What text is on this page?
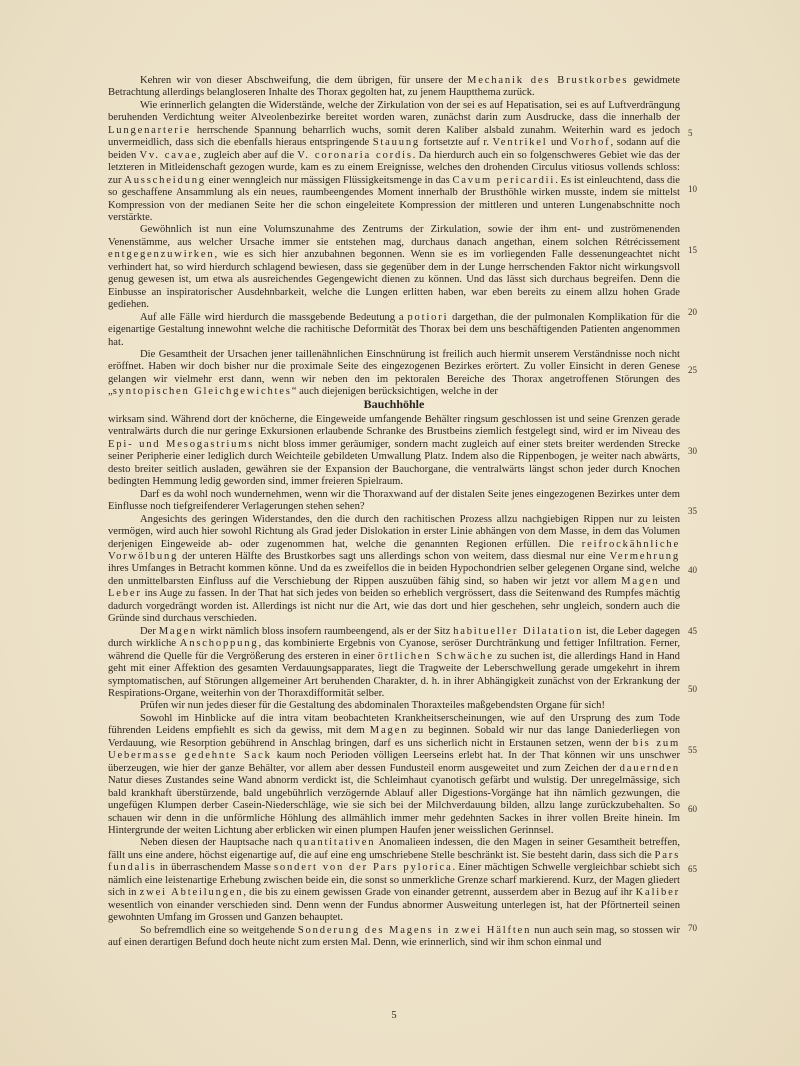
Kehren wir von dieser Abschweifung, die dem übrigen, für unsere der Mechanik des Brustkorbes gewidmete Betrachtung allerdings belangloseren Inhalte des Thorax gegolten hat, zu jenem Hauptthema zurück.

Wie erinnerlich gelangten die Widerstände, welche der Zirkulation von der sei es auf Hepatisation, sei es auf Luftverdrängung beruhenden Verdichtung weiter Alveolenbezirke bereitet worden waren, zunächst darin zum Ausdrucke, dass die innerhalb der Lungenarterie herrschende Spannung beharrlich wuchs, somit deren Kaliber alsbald zunahm. Weiterhin ward es jedoch unvermeidlich, dass sich die ebenfalls hieraus entspringende Stauung fortsetzte auf r. Ventrikel und Vorhof, sodann auf die beiden Vv. cavae, zugleich aber auf die V. coronaria cordis. Da hierdurch auch ein so folgenschweres Gebiet wie das der letzteren in Mitleidenschaft gezogen wurde, kam es zu einem Ereignisse, welches den drohenden Circulus vitiosus vollends schloss: zur Ausscheidung einer wenngleich nur mässigen Flüssigkeitsmenge in das Cavum pericardii. Es ist einleuchtend, dass die so geschaffene Ansammlung als ein neues, raumbeengendes Moment innerhalb der Brusthöhle wirken musste, indem sie mittelst Kompression von der medianen Seite her die schon eingeleitete Kompression der mittleren und unteren Lungenabschnitte noch verstärkte.

Gewöhnlich ist nun eine Volumszunahme des Zentrums der Zirkulation, sowie der ihm ent- und zuströmenenden Venenstämme, aus welcher Ursache immer sie entstehen mag, durchaus danach angethan, einem solchen Rétrécissement entgegenzuwirken, wie es sich hier anzubahnen begonnen. Wenn sie es im vorliegenden Falle dessenungeachtet nicht verhindert hat, so wird hierdurch schlagend bewiesen, dass sie gegenüber dem in der Lunge herrschenden Faktor nicht wirkungsvoll genug gewesen ist, um etwa als ausreichendes Gegengewicht dienen zu können. Und das lässt sich durchaus begreifen. Denn die Einbusse an inspiratorischer Ausdehnbarkeit, welche die Lungen erlitten haben, war eben bereits zu einem allzu hohen Grade gediehen.

Auf alle Fälle wird hierdurch die massgebende Bedeutung a potiori dargethan, die der pulmonalen Komplikation für die eigenartige Gestaltung innewohnt welche die rachitische Deformität des Thorax bei dem uns beschäftigenden Patienten angenommen hat.

Die Gesamtheit der Ursachen jener taillenähnlichen Einschnürung ist freilich auch hiermit unserem Verständnisse noch nicht eröffnet. Haben wir doch bisher nur die proximale Seite des eingezogenen Bezirkes erörtert. Zu voller Einsicht in deren Genese gelangen wir vielmehr erst dann, wenn wir neben den im pektoralen Bereiche des Thorax angetroffenen Störungen des „syntopischen Gleichgewichtes“ auch diejenigen berücksichtigen, welche in der

Bauchhöhle

wirksam sind. Während dort der knöcherne, die Eingeweide umfangende Behälter ringsum geschlossen ist und seine Grenzen gerade ventralwärts durch die nur geringe Exkursionen erlaubende Schranke des Brustbeins ziemlich festgelegt sind, wird er im Niveau des Epi- und Mesogastriums nicht bloss immer geräumiger, sondern macht zugleich auf einer stets breiter werdenden Strecke seiner Peripherie einer lediglich durch Weichteile gebildeten Umwallung Platz. Indem also die Rippenbogen, je weiter nach abwärts, desto breiter seitlich ausladen, gewähren sie der Expansion der Bauchorgane, die ventralwärts längst schon jeder durch Knochen bedingten Hemmung ledig geworden sind, immer freieren Spielraum.

Darf es da wohl noch wundernehmen, wenn wir die Thoraxwand auf der distalen Seite jenes eingezogenen Bezirkes unter dem Einflusse noch tiefgreifenderer Verlagerungen stehen sehen?

Angesichts des geringen Widerstandes, den die durch den rachitischen Prozess allzu nachgiebigen Rippen nur zu leisten vermögen, wird auch hier sowohl Richtung als Grad jeder Dislokation in erster Linie abhängen von dem Masse, in dem das Volumen derjenigen Eingeweide ab- oder zugenommen hat, welche die genannten Regionen erfüllen. Die reifrockähnliche Vorwölbung der unteren Hälfte des Brustkorbes sagt uns allerdings schon von weitem, dass diesmal nur eine Vermehrung ihres Umfanges in Betracht kommen könne. Und da es zweifellos die in beiden Hypochondrien selber gelegenen Organe sind, welche den unmittelbarsten Einfluss auf die Verschiebung der Rippen auszuüben fähig sind, so haben wir jetzt vor allem Magen und Leber ins Auge zu fassen. In der That hat sich jedes von beiden so erheblich vergrössert, dass die Seitenwand des Rumpfes mächtig dadurch vorgedrängt worden ist. Allerdings ist nicht nur die Art, wie das dort und hier geschehen, sehr ungleich, sondern auch die Gründe sind durchaus verschieden.

Der Magen wirkt nämlich bloss insofern raumbeengend, als er der Sitz habitueller Dilatation ist, die Leber dagegen durch wirkliche Anschoppung, das kombinierte Ergebnis von Cyanose, seröser Durchtränkung und fettiger Infiltration. Ferner, während die Quelle für die Vergrößerung des ersteren in einer örtlichen Schwäche zu suchen ist, die allerdings Hand in Hand geht mit einer Affektion des gesamten Verdauungsapparates, liegt die Tragweite der Leberschwellung gerade umgekehrt in ihrem symptomatischen, auf Störungen allgemeiner Art beruhenden Charakter, d. h. in ihrer Abhängigkeit zunächst von der Erkrankung der Respirations-Organe, weiterhin von der Thoraxdifformität selber.

Prüfen wir nun jedes dieser für die Gestaltung des abdominalen Thoraxteiles maßgebendsten Organe für sich!

Sowohl im Hinblicke auf die intra vitam beobachteten Krankheitserscheinungen, wie auf den Ursprung des zum Tode führenden Leidens empfiehlt es sich da gewiss, mit dem Magen zu beginnen. Sobald wir nur das lange Daniederliegen von Verdauung, wie Resorption gebührend in Anschlag bringen, darf es uns sicherlich nicht in Erstaunen setzen, wenn der bis zum Uebermasse gedehnte Sack kaum noch Perioden völligen Leerseins erlebt hat. In der That können wir uns unschwer überzeugen, wie hier der ganze Behälter, vor allem aber dessen Fundusteil enorm ausgeweitet und zum Zeichen der dauernden Natur dieses Zustandes seine Wand abnorm verdickt ist, die Schleimhaut cyanotisch gefärbt und wulstig. Der unregelmässige, sich bald krankhaft überstürzende, bald ungebührlich verzögernde Ablauf aller Digestions-Vorgänge hat ihn nämlich gezwungen, die ungefügen Klumpen derber Casein-Niederschläge, wie sie sich bei der Milchverdauung bilden, allzu lange zurückzubehalten. So schauen wir denn in die unförmliche Höhlung des allmählich immer mehr gedehnten Sackes in ihrer vollen Breite hinein. Im Hintergrunde der weiten Lichtung aber erblicken wir einen plumpen Haufen jener weisslichen Gerinnsel.

Neben diesen der Hauptsache nach quantitativen Anomalieen indessen, die den Magen in seiner Gesamtheit betreffen, fällt uns eine andere, höchst eigenartige auf, die auf eine eng umschriebene Stelle beschränkt ist. Sie besteht darin, dass sich die Pars fundalis in überraschendem Masse sondert von der Pars pylorica. Einer mächtigen Schwelle vergleichbar schiebt sich nämlich eine leistenartige Erhebung zwischen beide ein, die sonst so unmerkliche Grenze scharf markierend. Kurz, der Magen gliedert sich in zwei Abteilungen, die bis zu einem gewissen Grade von einander getrennt, ausserdem aber in Bezug auf ihr Kaliber wesentlich von einander verschieden sind. Denn wenn der Fundus abnormer Ausweitung unterlegen ist, hat der Pförtnerteil seinen gewohnten Umfang im Grossen und Ganzen behauptet.

So befremdlich eine so weitgehende Sonderung des Magens in zwei Hälften nun auch sein mag, so stossen wir auf einen derartigen Befund doch heute nicht zum ersten Mal. Denn, wie erinnerlich, sind wir ihm schon einmal und

5
10
15
20
25
30
35
40
45
50
55
60
65
70
5
